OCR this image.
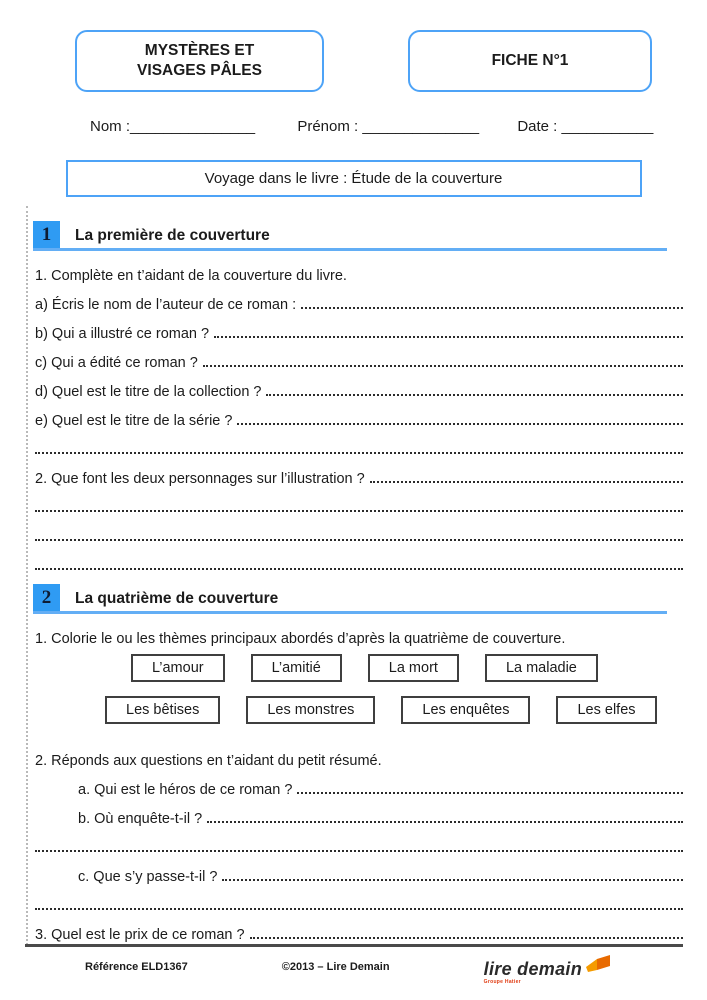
MYSTÈRES ET
VISAGES PÂLES
FICHE N°1
Nom :_______________	Prénom : ______________	Date : ___________
Voyage dans le livre : Étude de la couverture
1	La première de couverture
1. Complète en t’aidant de la couverture du livre.
a) Écris le nom de l’auteur de ce roman :
b) Qui a illustré ce roman ?
c) Qui a édité ce roman ?
d) Quel est le titre de la collection ?
e) Quel est le titre de la série ?
2. Que font les deux personnages sur l’illustration ?
2	La quatrième de couverture
1. Colorie le ou les thèmes principaux abordés d’après la quatrième de couverture.
L’amour	L’amitié	La mort	La maladie
Les bêtises	Les monstres	Les enquêtes	Les elfes
2. Réponds aux questions en t’aidant du petit résumé.
a. Qui est le héros de ce roman ?
b. Où enquête-t-il ?
c. Que s’y passe-t-il ?
3. Quel est le prix de ce roman ?
Référence ELD1367	©2013 – Lire Demain	lire demain
Groupe Hatier
